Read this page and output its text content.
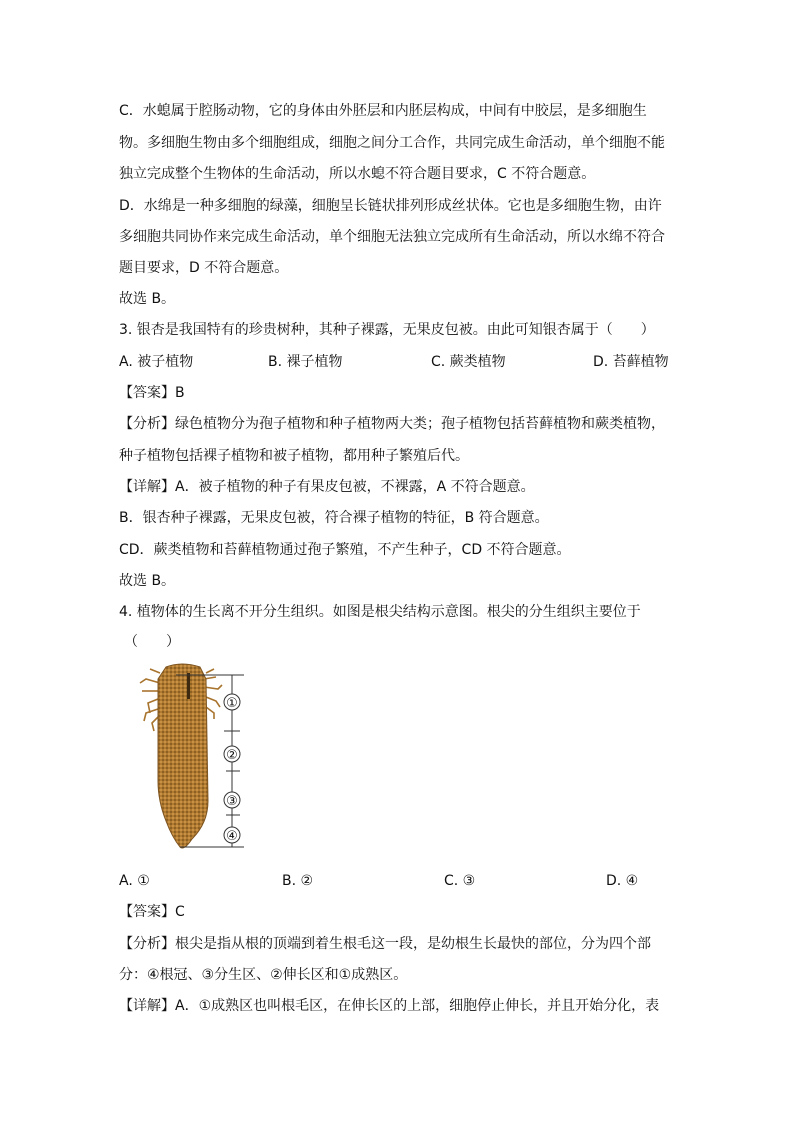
C．水螅属于腔肠动物，它的身体由外胚层和内胚层构成，中间有中胶层，是多细胞生
物。多细胞生物由多个细胞组成，细胞之间分工合作，共同完成生命活动，单个细胞不能
独立完成整个生物体的生命活动，所以水螅不符合题目要求，C 不符合题意。
D．水绵是一种多细胞的绿藻，细胞呈长链状排列形成丝状体。它也是多细胞生物，由许
多细胞共同协作来完成生命活动，单个细胞无法独立完成所有生命活动，所以水绵不符合
题目要求，D 不符合题意。
故选 B。
3. 银杏是我国特有的珍贵树种，其种子裸露，无果皮包被。由此可知银杏属于（　　）
A. 被子植物	B. 裸子植物	C. 蕨类植物	D. 苔藓植物
【答案】B
【分析】绿色植物分为孢子植物和种子植物两大类；孢子植物包括苔藓植物和蕨类植物，
种子植物包括裸子植物和被子植物，都用种子繁殖后代。
【详解】A．被子植物的种子有果皮包被，不裸露，A 不符合题意。
B．银杏种子裸露，无果皮包被，符合裸子植物的特征，B 符合题意。
CD．蕨类植物和苔藓植物通过孢子繁殖，不产生种子，CD 不符合题意。
故选 B。
4. 植物体的生长离不开分生组织。如图是根尖结构示意图。根尖的分生组织主要位于
（　　）
①
②
③
④
A. ①	B. ②	C. ③	D. ④
【答案】C
【分析】根尖是指从根的顶端到着生根毛这一段，是幼根生长最快的部位，分为四个部
分：④根冠、③分生区、②伸长区和①成熟区。
【详解】A．①成熟区也叫根毛区，在伸长区的上部，细胞停止伸长，并且开始分化，表
